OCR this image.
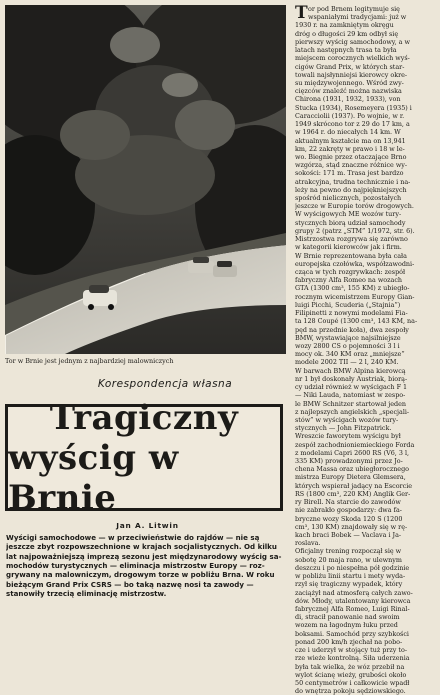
Tor w Brnie jest jednym z najbardziej malowniczych
Korespondencja własna
Tragiczny
wyścig w Brnie
Jan A. Litwin
Wyścigi samochodowe — w przeciwieństwie do rajdów — nie są
jeszcze zbyt rozpowszechnione w krajach socjalistycznych. Od kilku
lat najpoważniejszą imprezą sezonu jest międzynarodowy wyścig sa-
mochodów turystycznych — eliminacja mistrzostw Europy — roz-
grywany na malowniczym, drogowym torze w pobliżu Brna. W roku
bieżącym Grand Prix CSRS — bo taką nazwę nosi ta zawody —
stanowiły trzecią eliminację mistrzostw.
T or pod Brnem legitymuje się
wspaniałymi tradycjami: już w
1930 r. na zamkniętym okręgu
dróg o długości 29 km odbył się
pierwszy wyścig samochodowy, a w
latach następnych trasa ta była
miejscem corocznych wielkich wyś-
cigów Grand Prix, w których star-
towali najsłynniejsi kierowcy okre-
su międzywojennego. Wśród zwy-
cięzców znaleźć można nazwiska
Chirona (1931, 1932, 1933), von
Stucka (1934), Rosemeyera (1935) i
Caracciolii (1937). Po wojnie, w r.
1949 skrócono tor z 29 do 17 km, a
w 1964 r. do niecałych 14 km. W
aktualnym kształcie ma on 13,941
km, 22 zakręty w prawo i 18 w le-
wo. Biegnie przez otaczające Brno
wzgórza, stąd znaczne różnice wy-
sokości: 171 m. Trasa jest bardzo
atrakcyjna, trudna technicznie i na-
leży na pewno do najpiękniejszych
spośród nielicznych, pozostałych
jeszcze w Europie torów drogowych.
W wyścigowych ME wozów tury-
stycznych biorą udział samochody
grupy 2 (patrz „STM” 1/1972, str. 6).
Mistrzostwa rozgrywa się zarówno
w kategorii kierowców jak i firm.
W Brnie reprezentowana była cała
europejska czołówka, współzawodni-
cząca w tych rozgrywkach: zespół
fabryczny Alfa Romeo na wozach
GTA (1300 cm³, 155 KM) z ubiegło-
rocznym wicemistrzem Europy Gian-
luigi Picchi, Scuderia („Stajnia”)
Filipinetti z nowymi modelami Fia-
ta 128 Coupé (1300 cm³, 143 KM, na-
pęd na przednie koła), dwa zespoły
BMW, wystawiające najsilniejsze
wozy 2800 CS o pojemności 3 l i
mocy ok. 340 KM oraz „mniejsze”
modele 2002 TII — 2 l, 240 KM.
W barwach BMW Alpina kierowcą
nr 1 był doskonały Austriak, biorą-
cy udział również w wyścigach F 1
— Niki Lauda, natomiast w zespo-
le BMW Schnitzer startował jeden
z najlepszych angielskich „specjali-
stów” w wyścigach wozów tury-
stycznych — John Fitzpatrick.
Wreszcie faworytem wyścigu był
zespół zachodnioniemieckiego Forda
z modelami Capri 2600 RS (V6, 3 l,
335 KM) prowadzonymi przez Jo-
chena Massa oraz ubiegłorocznego
mistrza Europy Dietera Glemsera,
których wspierał jadący na Escorcie
RS (1800 cm³, 220 KM) Anglik Ger-
ry Birell. Na starcie do zawodów
nie zabrakło gospodarzy: dwa fa-
bryczne wozy Skoda 120 S (1200
cm³, 130 KM) znajdowały się w rę-
kach braci Bobek — Vaclava i Ja-
roslava.
Oficjalny trening rozpoczął się w
sobotę 20 maja rano, w ulewnym
deszczu i po niespełna pół godzinie
w pobliżu linii startu i mety wyda-
rzył się tragiczny wypadek, który
zaciążył nad atmosferą całych zawo-
dów. Młody, utalentowany kierowca
fabrycznej Alfa Romeo, Luigi Rinal-
di, stracił panowanie nad swoim
wozem na łagodnym łuku przed
boksami. Samochód przy szybkości
ponad 200 km/h zjechał na pobo-
cze i uderzył w stojący tuż przy to-
rze wieże kontrolną. Siła uderzenia
była tak wielka, że wóz przebił na
wylot ścianę wieży, grubości około
50 centymetrów i całkowicie wpadł
do wnętrza pokoju sędziowskiego.
